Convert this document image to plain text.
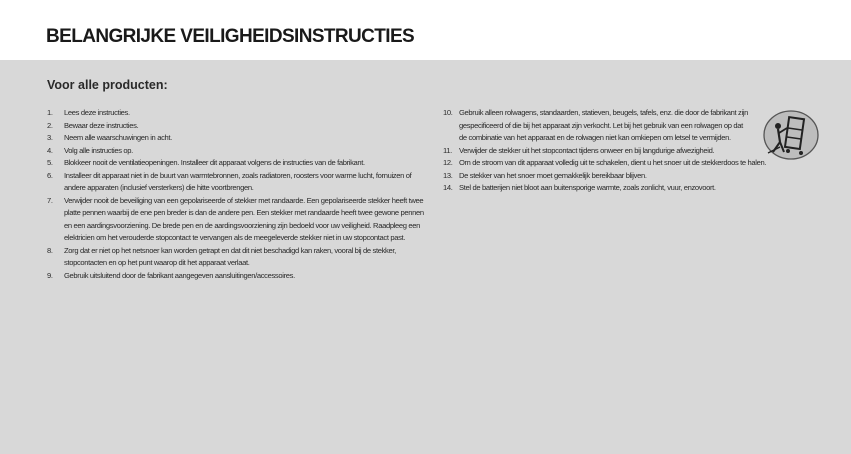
BELANGRIJKE VEILIGHEIDSINSTRUCTIES
Voor alle producten:
1. Lees deze instructies.
2. Bewaar deze instructies.
3. Neem alle waarschuwingen in acht.
4. Volg alle instructies op.
5. Blokkeer nooit de ventilatieopeningen. Installeer dit apparaat volgens de instructies van de fabrikant.
6. Installeer dit apparaat niet in de buurt van warmtebronnen, zoals radiatoren, roosters voor warme lucht, fornuizen of andere apparaten (inclusief versterkers) die hitte voortbrengen.
7. Verwijder nooit de beveiliging van een gepolariseerde of stekker met randaarde. Een gepolariseerde stekker heeft twee platte pennen waarbij de ene pen breder is dan de andere pen. Een stekker met randaarde heeft twee gewone pennen en een aardingsvoorziening. De brede pen en de aardingsvoorziening zijn bedoeld voor uw veiligheid. Raadpleeg een elektricien om het verouderde stopcontact te vervangen als de meegeleverde stekker niet in uw stopcontact past.
8. Zorg dat er niet op het netsnoer kan worden getrapt en dat dit niet beschadigd kan raken, vooral bij de stekker, stopcontacten en op het punt waarop dit het apparaat verlaat.
9. Gebruik uitsluitend door de fabrikant aangegeven aansluitingen/accessoires.
10. Gebruik alleen rolwagens, standaarden, statieven, beugels, tafels, enz. die door de fabrikant zijn gespecificeerd of die bij het apparaat zijn verkocht. Let bij het gebruik van een rolwagen op dat de combinatie van het apparaat en de rolwagen niet kan omkiepen om letsel te vermijden.
11. Verwijder de stekker uit het stopcontact tijdens onweer en bij langdurige afwezigheid.
12. Om de stroom van dit apparaat volledig uit te schakelen, dient u het snoer uit de stekkerdoos te halen.
13. De stekker van het snoer moet gemakkelijk bereikbaar blijven.
14. Stel de batterijen niet bloot aan buitensporige warmte, zoals zonlicht, vuur, enzovoort.
